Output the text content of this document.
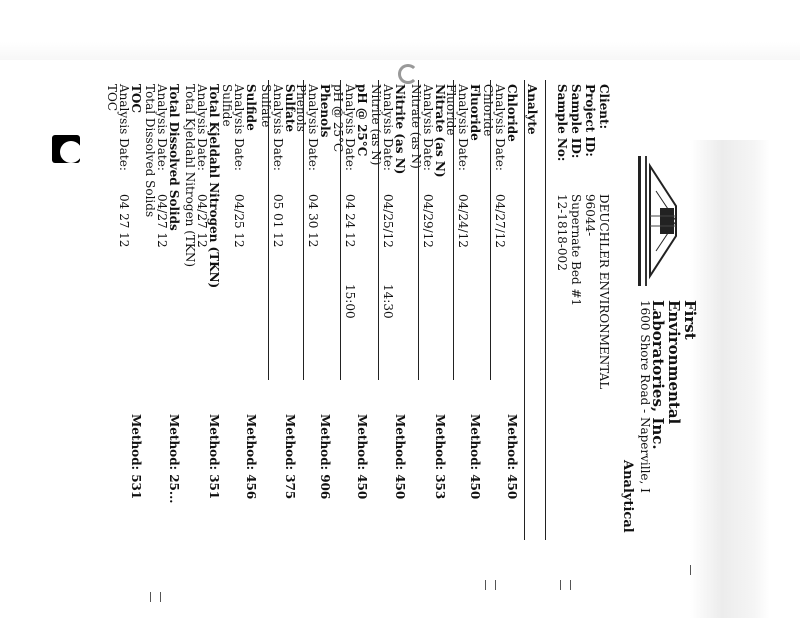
First
Environmental
Laboratories, Inc.
1600 Shore Road - Naperville, I
Analytical
Client:
DEUCHLER ENVIRONMENTAL
Project ID:
96044-
Sample ID:
Supernate Bed #1
Sample No:
12-1818-002
Analyte
Chloride
Analysis Date:
04/27/12
Chloride
Method: 450
Fluoride
Analysis Date:
04/24/12
Fluoride
Method: 450
Nitrate (as N)
Analysis Date:
04/29/12
Nitrate (as N)
Method: 353
Nitrite (as N)
Analysis Date:
04/25/12
14:30
Nitrite (as N)
Method: 450
pH @ 25°C
Analysis Date:
04 24 12
15:00
pH @ 25°C
Method: 450
Phenols
Analysis Date:
04 30 12
Phenols
Method: 906
Sulfate
Analysis Date:
05 01 12
Sulfate
Method: 375
Sulfide
Analysis Date:
04/25 12
Sulfide
Method: 456
Total Kjeldahl Nitrogen (TKN)
Analysis Date:
04/27 12
Total Kjeldahl Nitrogen (TKN)
Method: 351
Total Dissolved Solids
Analysis Date:
04/27 12
Total Dissolved Solids
Method: 25...
TOC
Analysis Date:
04 27 12
TOC
Method: 531
